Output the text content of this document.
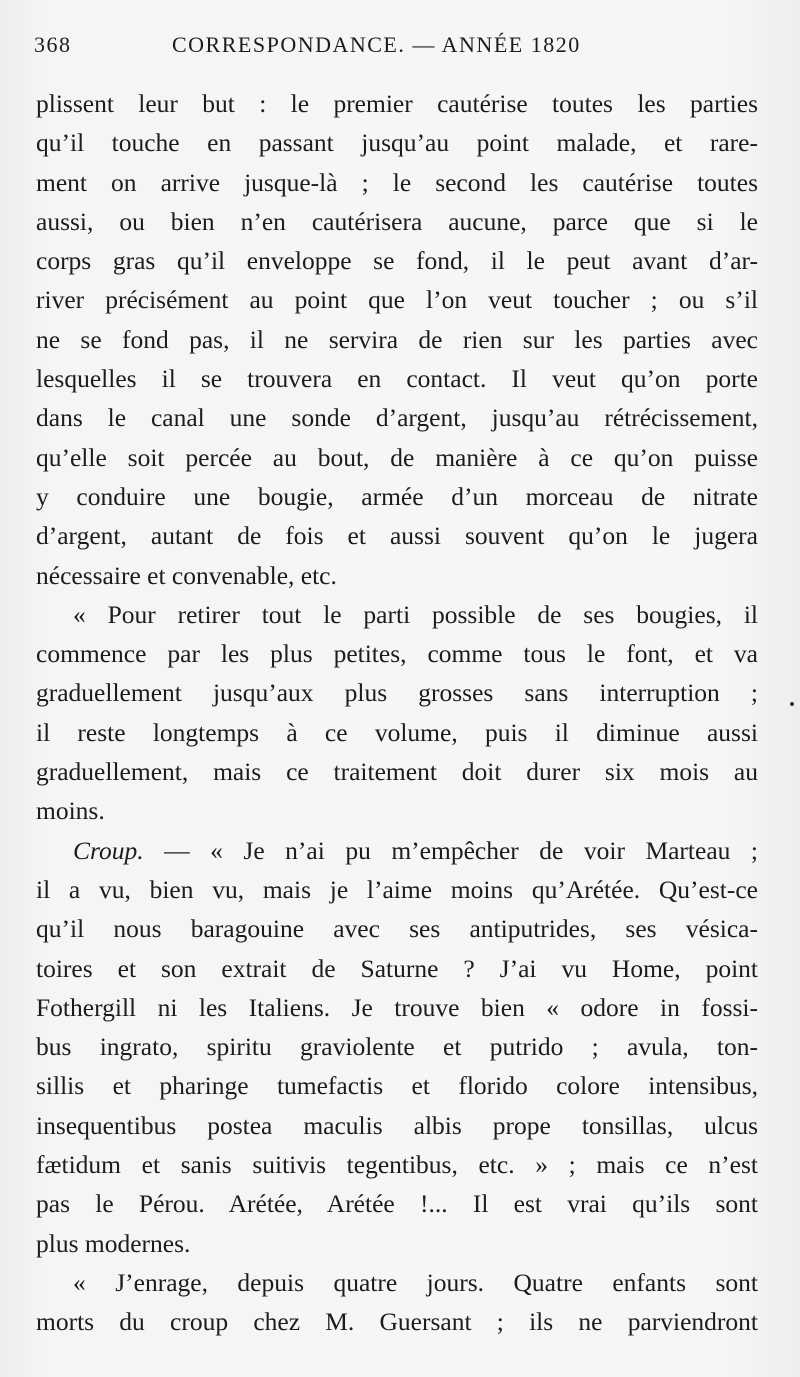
368	CORRESPONDANCE. — ANNÉE 1820
plissent leur but : le premier cautérise toutes les parties
qu’il touche en passant jusqu’au point malade, et rare-
ment on arrive jusque-là ; le second les cautérise toutes
aussi, ou bien n’en cautérisera aucune, parce que si le
corps gras qu’il enveloppe se fond, il le peut avant d’ar-
river précisément au point que l’on veut toucher ; ou s’il
ne se fond pas, il ne servira de rien sur les parties avec
lesquelles il se trouvera en contact. Il veut qu’on porte
dans le canal une sonde d’argent, jusqu’au rétrécissement,
qu’elle soit percée au bout, de manière à ce qu’on puisse
y conduire une bougie, armée d’un morceau de nitrate
d’argent, autant de fois et aussi souvent qu’on le jugera
nécessaire et convenable, etc.
« Pour retirer tout le parti possible de ses bougies, il
commence par les plus petites, comme tous le font, et va
graduellement jusqu’aux plus grosses sans interruption ;
il reste longtemps à ce volume, puis il diminue aussi
graduellement, mais ce traitement doit durer six mois au
moins.
Croup. — « Je n’ai pu m’empêcher de voir Marteau ;
il a vu, bien vu, mais je l’aime moins qu’Arétée. Qu’est-ce
qu’il nous baragouine avec ses antiputrides, ses vésica-
toires et son extrait de Saturne ? J’ai vu Home, point
Fothergill ni les Italiens. Je trouve bien « odore in fossi-
bus ingrato, spiritu graviolente et putrido ; avula, ton-
sillis et pharinge tumefactis et florido colore intensibus,
insequentibus postea maculis albis prope tonsillas, ulcus
fætidum et sanis suitivis tegentibus, etc. » ; mais ce n’est
pas le Pérou. Arétée, Arétée !... Il est vrai qu’ils sont
plus modernes.
« J’enrage, depuis quatre jours. Quatre enfants sont
morts du croup chez M. Guersant ; ils ne parviendront
